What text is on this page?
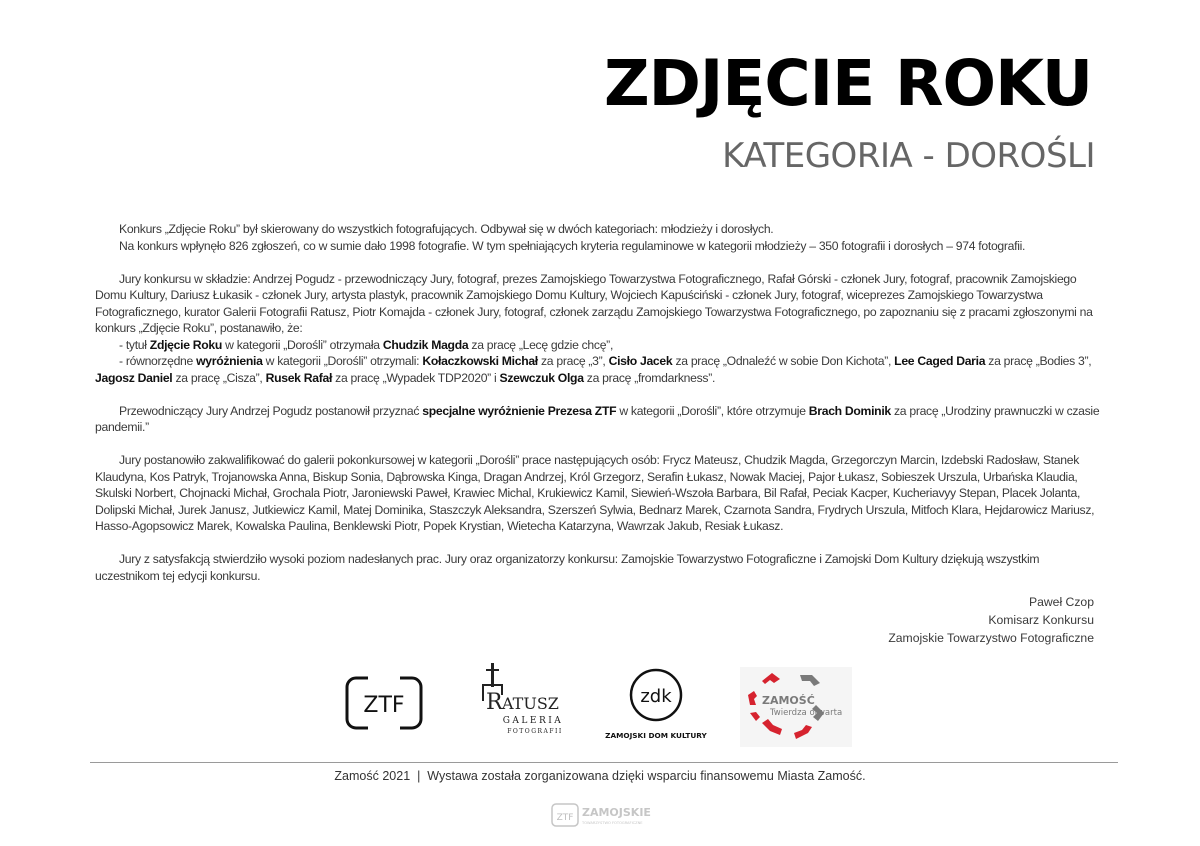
ZDJĘCIE ROKU
KATEGORIA - DOROŚLI

Konkurs „Zdjęcie Roku” był skierowany do wszystkich fotografujących. Odbywał się w dwóch kategoriach: młodzieży i dorosłych.

Na konkurs wpłynęło 826 zgłoszeń, co w sumie dało 1998 fotografie. W tym spełniających kryteria regulaminowe w kategorii młodzieży – 350 fotografii i dorosłych – 974 fotografii.

Jury konkursu w składzie: Andrzej Pogudz - przewodniczący Jury, fotograf, prezes Zamojskiego Towarzystwa Fotograficznego, Rafał Górski - członek Jury, fotograf, pracownik Zamojskiego Domu Kultury, Dariusz Łukasik - członek Jury, artysta plastyk, pracownik Zamojskiego Domu Kultury, Wojciech Kapuściński - członek Jury, fotograf, wiceprezes Zamojskiego Towarzystwa Fotograficznego, kurator Galerii Fotografii Ratusz, Piotr Komajda - członek Jury, fotograf, członek zarządu Zamojskiego Towarzystwa Fotograficznego, po zapoznaniu się z pracami zgłoszonymi na konkurs „Zdjęcie Roku”, postanawiło, że:

- tytuł Zdjęcie Roku w kategorii „Dorośli” otrzymała Chudzik Magda za pracę „Lecę gdzie chcę”,

- równorzędne wyróżnienia w kategorii „Dorośli” otrzymali: Kołaczkowski Michał za pracę „3”, Cisło Jacek za pracę „Odnaleźć w sobie Don Kichota”, Lee Caged Daria za pracę „Bodies 3”, Jagosz Daniel za pracę „Cisza”, Rusek Rafał za pracę „Wypadek TDP2020” i Szewczuk Olga za pracę „fromdarkness”.

Przewodniczący Jury Andrzej Pogudz postanowił przyznać specjalne wyróżnienie Prezesa ZTF w kategorii „Dorośli”, które otrzymuje Brach Dominik za pracę „Urodziny prawnuczki w czasie pandemii.”

Jury postanowiło zakwalifikować do galerii pokonkursowej w kategorii „Dorośli” prace następujących osób: Frycz Mateusz, Chudzik Magda, Grzegorczyn Marcin, Izdebski Radosław, Stanek Klaudyna, Kos Patryk, Trojanowska Anna, Biskup Sonia, Dąbrowska Kinga, Dragan Andrzej, Król Grzegorz, Serafin Łukasz, Nowak Maciej, Pajor Łukasz, Sobieszek Urszula, Urbańska Klaudia, Skulski Norbert, Chojnacki Michał, Grochala Piotr, Jaroniewski Paweł, Krawiec Michal, Krukiewicz Kamil, Siewień-Wszoła Barbara, Bil Rafał, Peciak Kacper, Kucheriavyy Stepan, Placek Jolanta, Dolipski Michał, Jurek Janusz, Jutkiewicz Kamil, Matej Dominika, Staszczyk Aleksandra, Szerszeń Sylwia, Bednarz Marek, Czarnota Sandra, Frydrych Urszula, Mitfoch Klara, Hejdarowicz Mariusz, Hasso-Agopsowicz Marek, Kowalska Paulina, Benklewski Piotr, Popek Krystian, Wietecha Katarzyna, Wawrzak Jakub, Resiak Łukasz.

Jury z satysfakcją stwierdziło wysoki poziom nadesłanych prac. Jury oraz organizatorzy konkursu: Zamojskie Towarzystwo Fotograficzne i Zamojski Dom Kultury dziękują wszystkim uczestnikom tej edycji konkursu.

Paweł Czop
Komisarz Konkursu
Zamojskie Towarzystwo Fotograficzne
ZTF	R ATUSZ
GALERIA
FOTOGRAFII
zdk
ZAMOJSKI DOM KULTURY
ZAMOŚĆ
Twierdza otwarta
Zamość 2021  |  Wystawa została zorganizowana dzięki wsparciu finansowemu Miasta Zamość.
ZTF ZAMOJSKIE
TOWARZYSTWO FOTOGRAFICZNE
